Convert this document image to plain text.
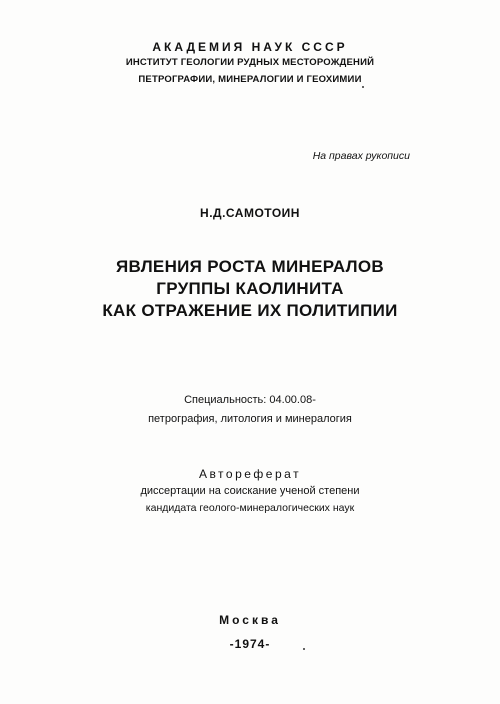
АКАДЕМИЯ НАУК СССР
ИНСТИТУТ ГЕОЛОГИИ РУДНЫХ МЕСТОРОЖДЕНИЙ
ПЕТРОГРАФИИ, МИНЕРАЛОГИИ И ГЕОХИМИИ
На правах рукописи
Н.Д.САМОТОИН
ЯВЛЕНИЯ РОСТА МИНЕРАЛОВ
ГРУППЫ КАОЛИНИТА
КАК ОТРАЖЕНИЕ ИХ ПОЛИТИПИИ
Специальность: 04.00.08-
петрография, литология и минералогия
Автореферат
диссертации на соискание ученой степени
кандидата геолого-минералогических наук
Москва
-1974-
